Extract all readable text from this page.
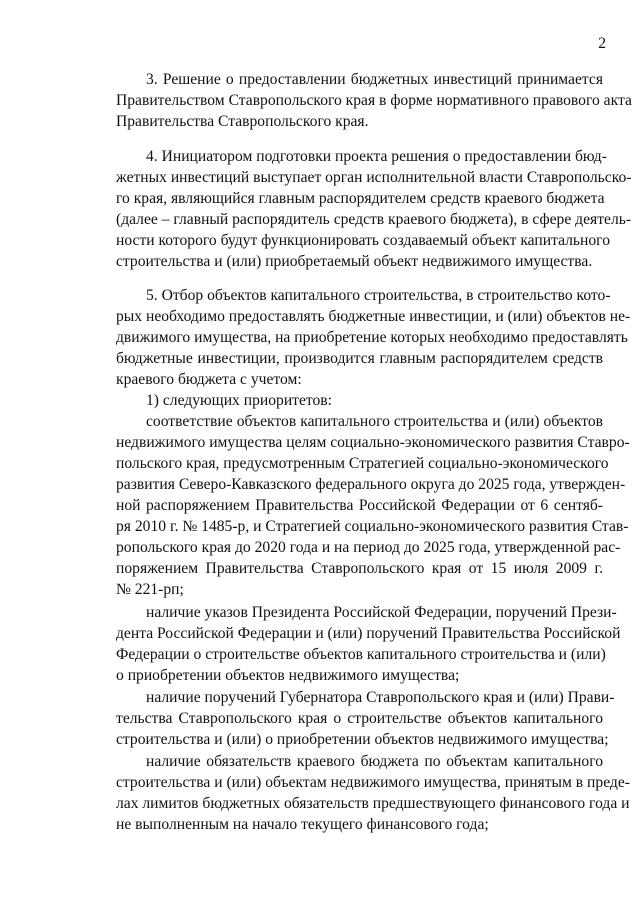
2
3. Решение о предоставлении бюджетных инвестиций принимается
Правительством Ставропольского края в форме нормативного правового акта
Правительства Ставропольского края.
4. Инициатором подготовки проекта решения о предоставлении бюд-
жетных инвестиций выступает орган исполнительной власти Ставропольско-
го края, являющийся главным распорядителем средств краевого бюджета
(далее – главный распорядитель средств краевого бюджета), в сфере деятель-
ности которого будут функционировать создаваемый объект капитального
строительства и (или) приобретаемый объект недвижимого имущества.
5. Отбор объектов капитального строительства, в строительство кото-
рых необходимо предоставлять бюджетные инвестиции, и (или) объектов не-
движимого имущества, на приобретение которых необходимо предоставлять
бюджетные инвестиции, производится главным распорядителем средств
краевого бюджета с учетом:
1) следующих приоритетов:
соответствие объектов капитального строительства и (или) объектов
недвижимого имущества целям социально-экономического развития Ставро-
польского края, предусмотренным Стратегией социально-экономического
развития Северо-Кавказского федерального округа до 2025 года, утвержден-
ной распоряжением Правительства Российской Федерации от 6 сентяб-
ря 2010 г. № 1485-р, и Стратегией социально-экономического развития Став-
ропольского края до 2020 года и на период до 2025 года, утвержденной рас-
поряжением Правительства Ставропольского края от 15 июля 2009 г.
№ 221-рп;
наличие указов Президента Российской Федерации, поручений Прези-
дента Российской Федерации и (или) поручений Правительства Российской
Федерации о строительстве объектов капитального строительства и (или)
о приобретении объектов недвижимого имущества;
наличие поручений Губернатора Ставропольского края и (или) Прави-
тельства Ставропольского края о строительстве объектов капитального
строительства и (или) о приобретении объектов недвижимого имущества;
наличие обязательств краевого бюджета по объектам капитального
строительства и (или) объектам недвижимого имущества, принятым в преде-
лах лимитов бюджетных обязательств предшествующего финансового года и
не выполненным на начало текущего финансового года;
